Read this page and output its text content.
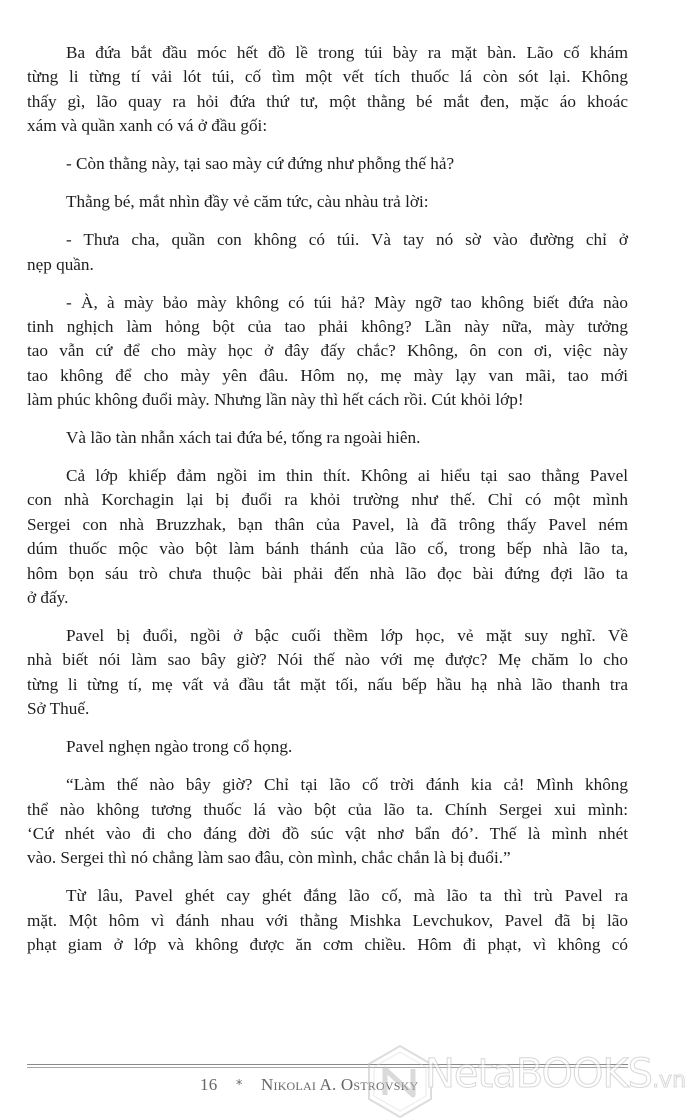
Ba đứa bắt đầu móc hết đồ lề trong túi bày ra mặt bàn. Lão cố khám
từng li từng tí vải lót túi, cố tìm một vết tích thuốc lá còn sót lại. Không
thấy gì, lão quay ra hỏi đứa thứ tư, một thằng bé mắt đen, mặc áo khoác
xám và quần xanh có vá ở đầu gối:

- Còn thằng này, tại sao mày cứ đứng như phỗng thế hả?

Thằng bé, mắt nhìn đầy vẻ căm tức, càu nhàu trả lời:

- Thưa cha, quần con không có túi. Và tay nó sờ vào đường chỉ ở
nẹp quần.

- À, à mày bảo mày không có túi hả? Mày ngỡ tao không biết đứa nào
tinh nghịch làm hỏng bột của tao phải không? Lần này nữa, mày tưởng
tao vẫn cứ để cho mày học ở đây đấy chắc? Không, ôn con ơi, việc này
tao không để cho mày yên đâu. Hôm nọ, mẹ mày lạy van mãi, tao mới
làm phúc không đuổi mày. Nhưng lần này thì hết cách rồi. Cút khỏi lớp!

Và lão tàn nhẫn xách tai đứa bé, tống ra ngoài hiên.

Cả lớp khiếp đảm ngồi im thin thít. Không ai hiểu tại sao thằng Pavel
con nhà Korchagin lại bị đuổi ra khỏi trường như thế. Chỉ có một mình
Sergei con nhà Bruzzhak, bạn thân của Pavel, là đã trông thấy Pavel ném
dúm thuốc mộc vào bột làm bánh thánh của lão cố, trong bếp nhà lão ta,
hôm bọn sáu trò chưa thuộc bài phải đến nhà lão đọc bài đứng đợi lão ta
ở đấy.

Pavel bị đuổi, ngồi ở bậc cuối thềm lớp học, vẻ mặt suy nghĩ. Về
nhà biết nói làm sao bây giờ? Nói thế nào với mẹ được? Mẹ chăm lo cho
từng li từng tí, mẹ vất vả đầu tắt mặt tối, nấu bếp hầu hạ nhà lão thanh tra
Sở Thuế.

Pavel nghẹn ngào trong cổ họng.

“Làm thế nào bây giờ? Chỉ tại lão cố trời đánh kia cả! Mình không
thể nào không tương thuốc lá vào bột của lão ta. Chính Sergei xui mình:
‘Cứ nhét vào đi cho đáng đời đồ súc vật nhơ bẩn đó’. Thế là mình nhét
vào. Sergei thì nó chẳng làm sao đâu, còn mình, chắc chắn là bị đuổi.”

Từ lâu, Pavel ghét cay ghét đắng lão cố, mà lão ta thì trù Pavel ra
mặt. Một hôm vì đánh nhau với thằng Mishka Levchukov, Pavel đã bị lão
phạt giam ở lớp và không được ăn cơm chiều. Hôm đi phạt, vì không có

16 * Nikolai A. Ostrovsky NetaBOOKS.vn
